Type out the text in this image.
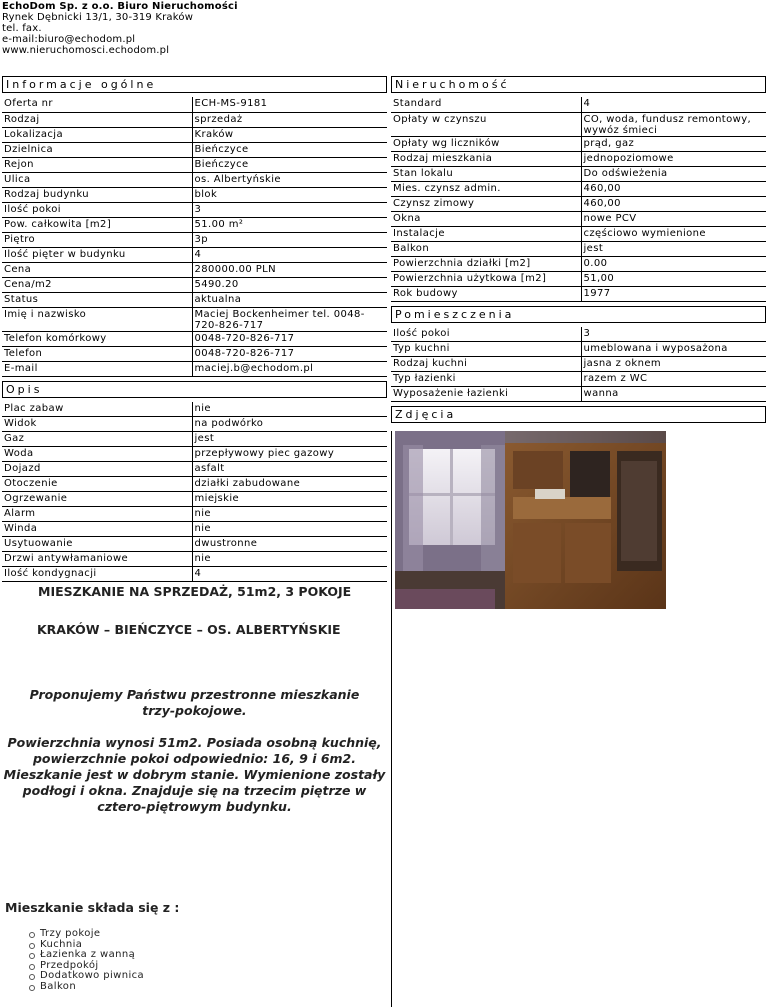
EchoDom Sp. z o.o. Biuro Nieruchomości
Rynek Dębnicki 13/1, 30-319 Kraków
tel. fax.
e-mail:biuro@echodom.pl
www.nieruchomosci.echodom.pl
Informacje ogólne
Oferta nr	ECH-MS-9181
Rodzaj	sprzedaż
Lokalizacja	Kraków
Dzielnica	Bieńczyce
Rejon	Bieńczyce
Ulica	os. Albertyńskie
Rodzaj budynku	blok
Ilość pokoi	3
Pow. całkowita [m2]	51.00 m²
Piętro	3p
Ilość pięter w budynku	4
Cena	280000.00 PLN
Cena/m2	5490.20
Status	aktualna
Imię i nazwisko	Maciej Bockenheimer tel. 0048-720-826-717
Telefon komórkowy	0048-720-826-717
Telefon	0048-720-826-717
E-mail	maciej.b@echodom.pl
Opis
Plac zabaw	nie
Widok	na podwórko
Gaz	jest
Woda	przepływowy piec gazowy
Dojazd	asfalt
Otoczenie	działki zabudowane
Ogrzewanie	miejskie
Alarm	nie
Winda	nie
Usytuowanie	dwustronne
Drzwi antywłamaniowe	nie
Ilość kondygnacji	4
MIESZKANIE NA SPRZEDAŻ, 51m2, 3 POKOJE
KRAKÓW – BIEŃCZYCE – OS. ALBERTYŃSKIE
Proponujemy Państwu przestronne mieszkanie trzy-pokojowe.
Powierzchnia wynosi 51m2. Posiada osobną kuchnię, powierzchnie pokoi odpowiednio: 16, 9 i 6m2. Mieszkanie jest w dobrym stanie. Wymienione zostały podłogi i okna. Znajduje się na trzecim piętrze w cztero-piętrowym budynku.
Mieszkanie składa się z :
Trzy pokoje
Kuchnia
Łazienka z wanną
Przedpokój
Dodatkowo piwnica
Balkon
Nieruchomość
Standard	4
Opłaty w czynszu	CO, woda, fundusz remontowy, wywóz śmieci
Opłaty wg liczników	prąd, gaz
Rodzaj mieszkania	jednopoziomowe
Stan lokalu	Do odświeżenia
Mies. czynsz admin.	460,00
Czynsz zimowy	460,00
Okna	nowe PCV
Instalacje	częściowo wymienione
Balkon	jest
Powierzchnia działki [m2]	0.00
Powierzchnia użytkowa [m2]	51,00
Rok budowy	1977
Pomieszczenia
Ilość pokoi	3
Typ kuchni	umeblowana i wyposażona
Rodzaj kuchni	jasna z oknem
Typ łazienki	razem z WC
Wyposażenie łazienki	wanna
Zdjęcia
